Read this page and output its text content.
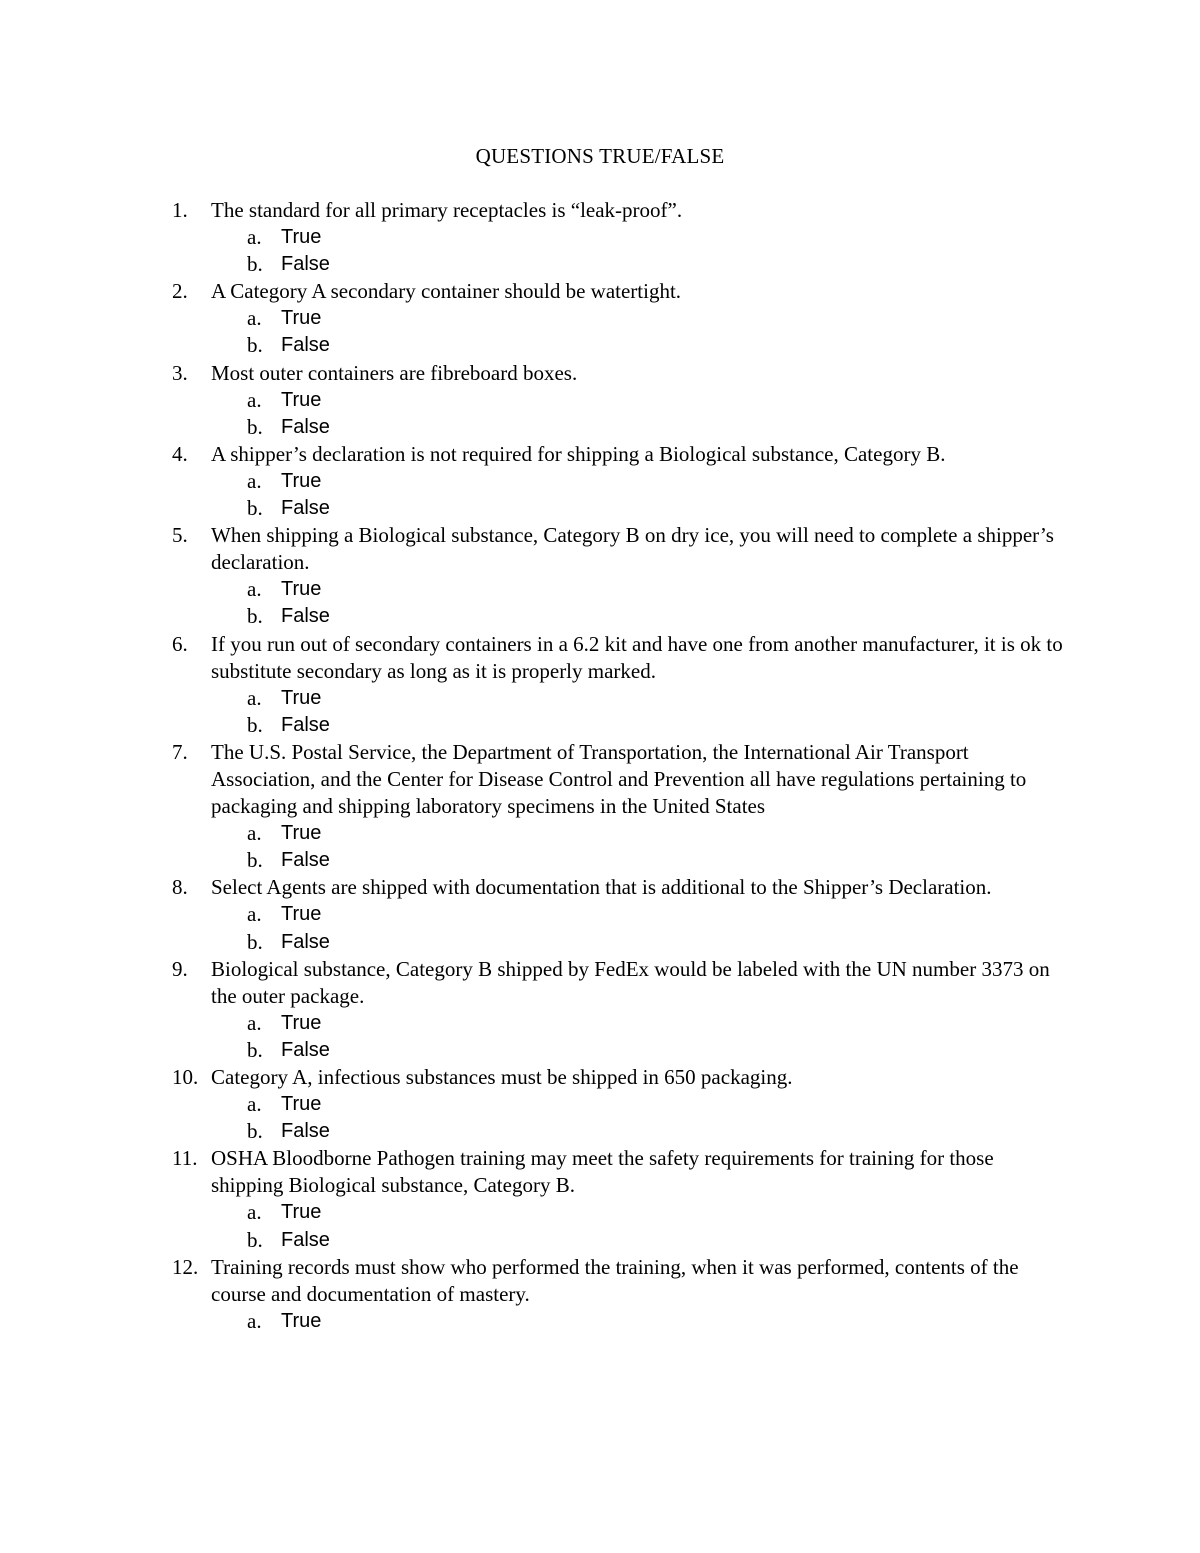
QUESTIONS TRUE/FALSE
1.	The standard for all primary receptacles is “leak-proof”.
a. True
b. False
2.	A Category A secondary container should be watertight.
a. True
b. False
3.	Most outer containers are fibreboard boxes.
a. True
b. False
4.	A shipper’s declaration is not required for shipping a Biological substance, Category B.
a. True
b. False
5.	When shipping a Biological substance, Category B on dry ice, you will need to complete a shipper’s declaration.
a. True
b. False
6.	If you run out of secondary containers in a 6.2 kit and have one from another manufacturer, it is ok to substitute secondary as long as it is properly marked.
a. True
b. False
7.	The U.S. Postal Service, the Department of Transportation, the International Air Transport Association, and the Center for Disease Control and Prevention all have regulations pertaining to packaging and shipping laboratory specimens in the United States
a. True
b. False
8.	Select Agents are shipped with documentation that is additional to the Shipper’s Declaration.
a. True
b. False
9.	Biological substance, Category B shipped by FedEx would be labeled with the UN number 3373 on the outer package.
a. True
b. False
10. Category A, infectious substances must be shipped in 650 packaging.
a. True
b. False
11. OSHA Bloodborne Pathogen training may meet the safety requirements for training for those shipping Biological substance, Category B.
a. True
b. False
12. Training records must show who performed the training, when it was performed, contents of the course and documentation of mastery.
a. True
